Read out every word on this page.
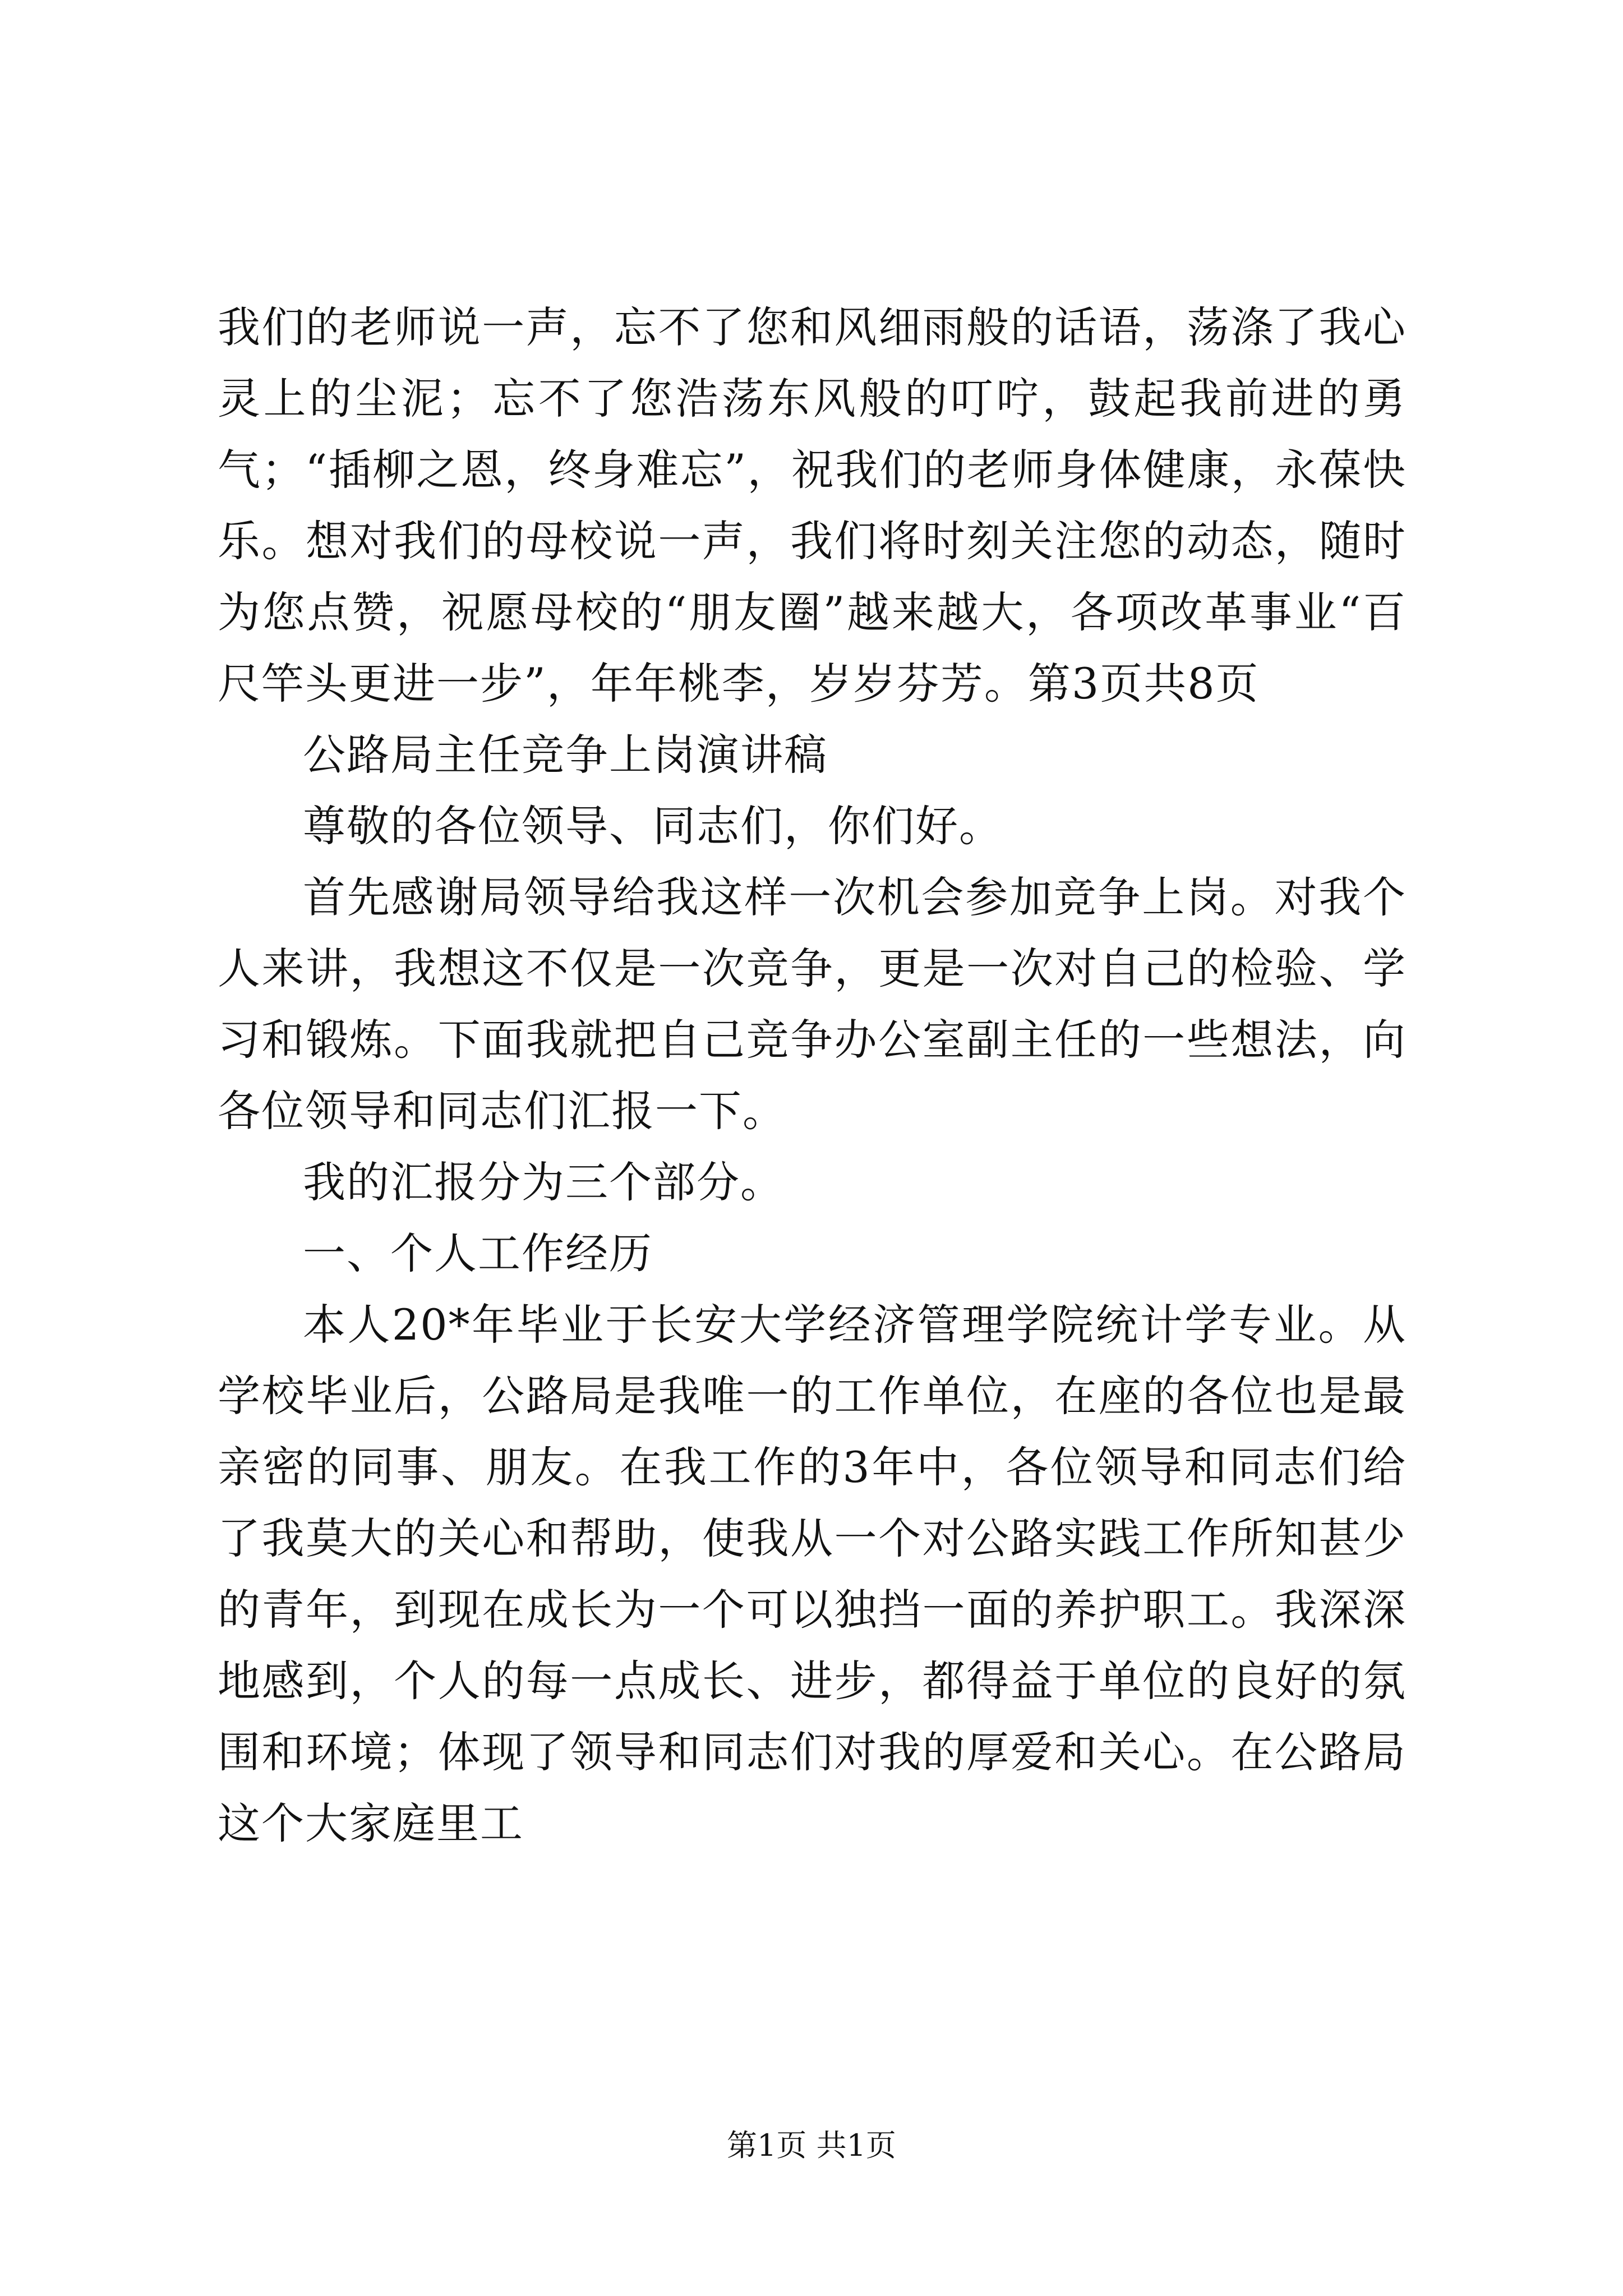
我们的老师说一声，忘不了您和风细雨般的话语，荡涤了我心灵上的尘泥；忘不了您浩荡东风般的叮咛，鼓起我前进的勇气；“插柳之恩，终身难忘”，祝我们的老师身体健康，永葆快乐。想对我们的母校说一声，我们将时刻关注您的动态，随时为您点赞，祝愿母校的“朋友圈”越来越大，各项改革事业“百尺竿头更进一步”，年年桃李，岁岁芬芳。第3页共8页

公路局主任竞争上岗演讲稿

尊敬的各位领导、同志们，你们好。

首先感谢局领导给我这样一次机会参加竞争上岗。对我个人来讲，我想这不仅是一次竞争，更是一次对自己的检验、学习和锻炼。下面我就把自己竞争办公室副主任的一些想法，向各位领导和同志们汇报一下。

我的汇报分为三个部分。

一、个人工作经历

本人20*年毕业于长安大学经济管理学院统计学专业。从学校毕业后，公路局是我唯一的工作单位，在座的各位也是最亲密的同事、朋友。在我工作的3年中，各位领导和同志们给了我莫大的关心和帮助，使我从一个对公路实践工作所知甚少的青年，到现在成长为一个可以独挡一面的养护职工。我深深地感到，个人的每一点成长、进步，都得益于单位的良好的氛围和环境；体现了领导和同志们对我的厚爱和关心。在公路局这个大家庭里工

第1页 共1页
